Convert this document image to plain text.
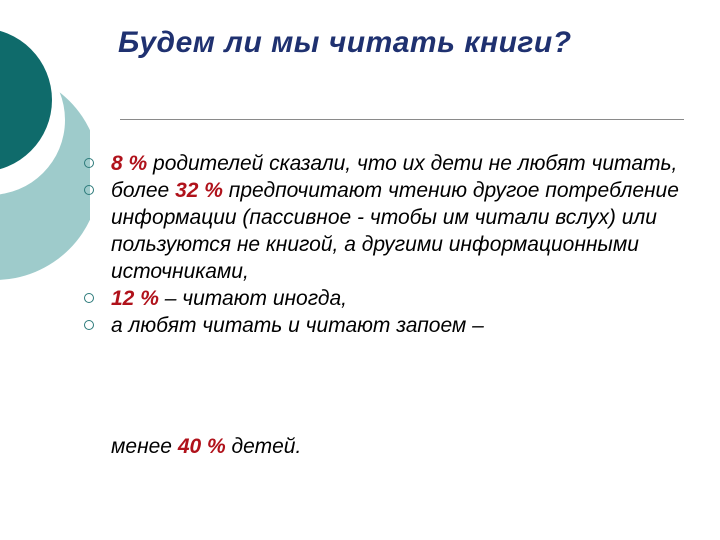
Будем ли мы читать книги?
8 % родителей сказали, что их дети не любят читать,
более 32 % предпочитают чтению другое потребление информации (пассивное - чтобы им читали вслух) или пользуются не книгой, а другими информационными источниками,
12 % – читают иногда,
а любят читать и читают запоем –
менее 40 % детей.
